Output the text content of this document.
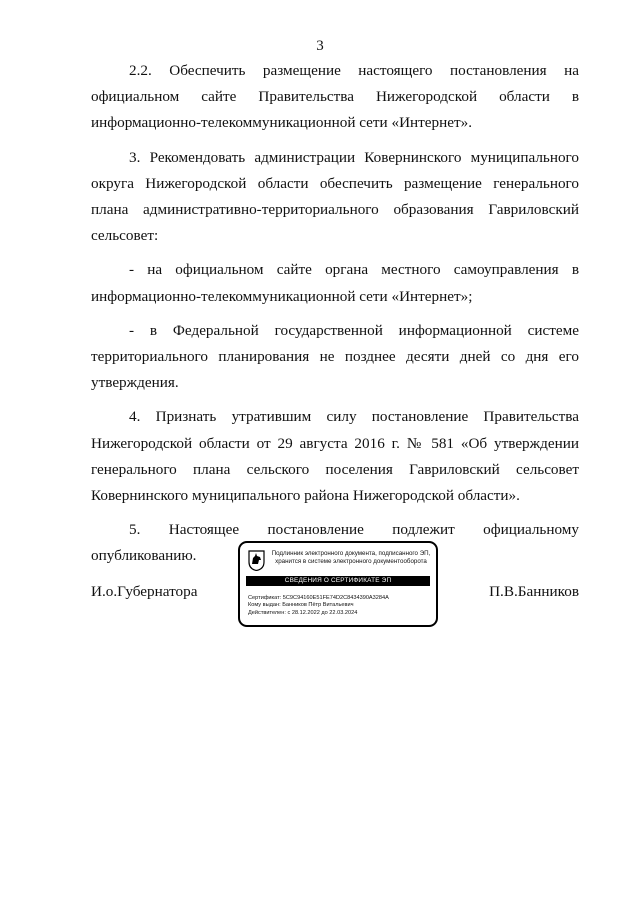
3

2.2. Обеспечить размещение настоящего постановления на официальном сайте Правительства Нижегородской области в информационно-телекоммуникационной сети «Интернет».

3. Рекомендовать администрации Ковернинского муниципального округа Нижегородской области обеспечить размещение генерального плана административно-территориального образования Гавриловский сельсовет:

- на официальном сайте органа местного самоуправления в информационно-телекоммуникационной сети «Интернет»;

- в Федеральной государственной информационной системе территориального планирования не позднее десяти дней со дня его утверждения.

4. Признать утратившим силу постановление Правительства Нижегородской области от 29 августа 2016 г. № 581 «Об утверждении генерального плана сельского поселения Гавриловский сельсовет Ковернинского муниципального района Нижегородской области».

5. Настоящее постановление подлежит официальному опубликованию.

И.о.Губернатора	П.В.Банников
Подлинник электронного документа, подписанного ЭП,
хранится в системе электронного документооборота
СВЕДЕНИЯ О СЕРТИФИКАТЕ ЭП
Сертификат: 5C9C94160E51FE74D2C8434390A3284A
Кому выдан: Банников Пётр Витальевич
Действителен: с 28.12.2022 до 22.03.2024
